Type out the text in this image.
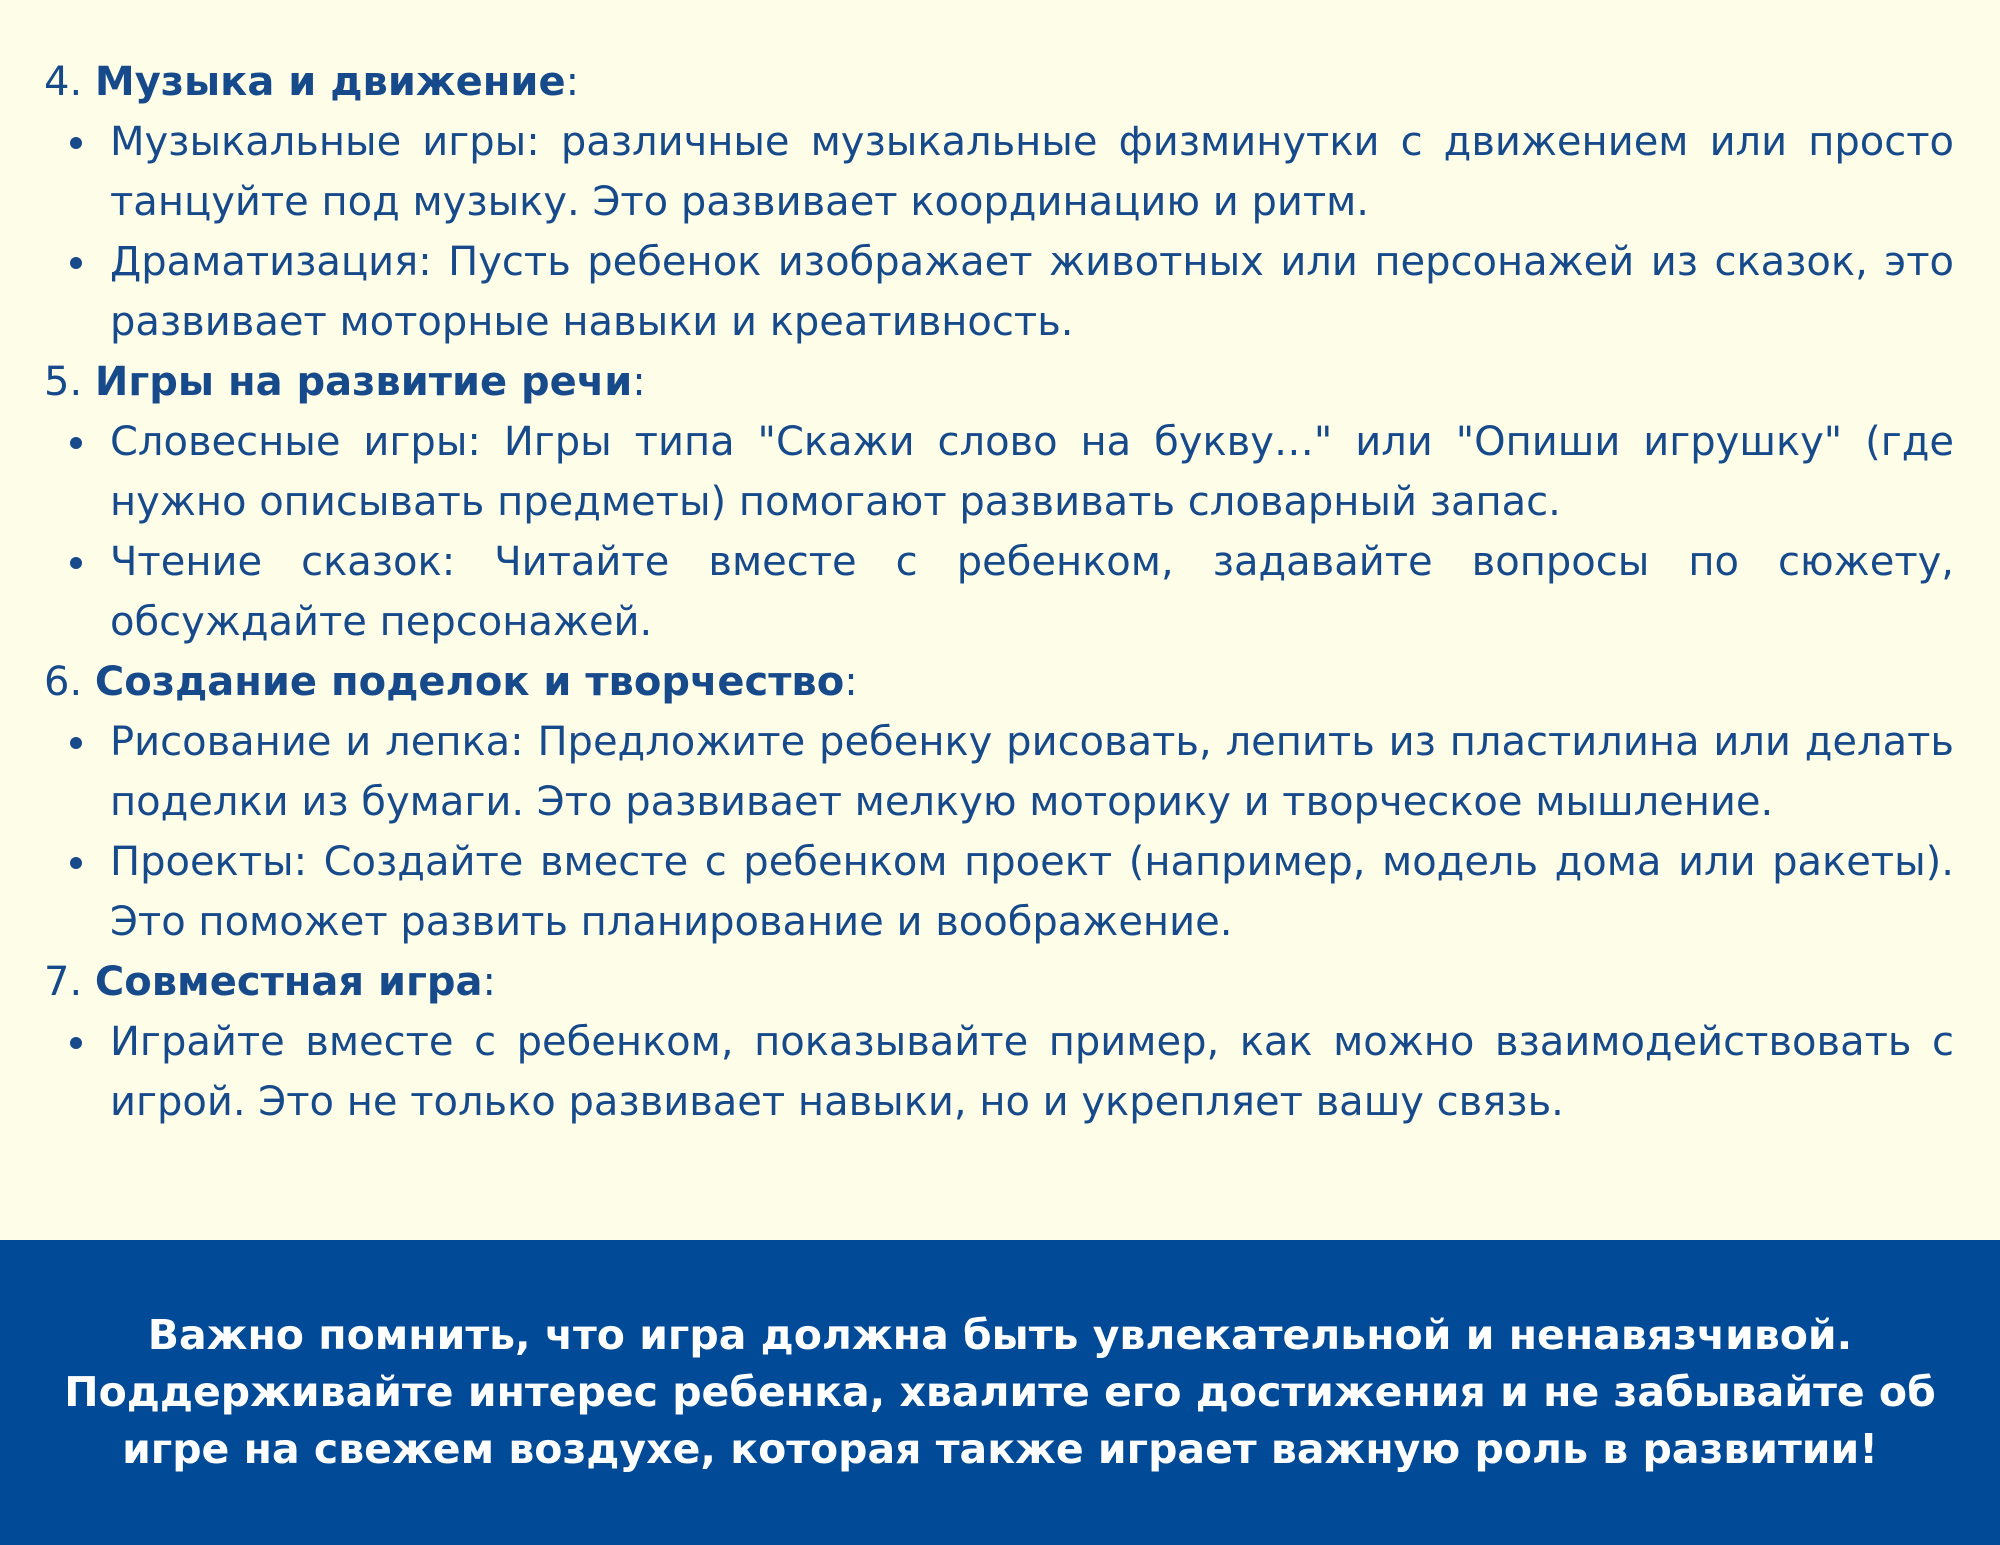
4. Музыка и движение:

Музыкальные игры: различные музыкальные физминутки с движением или просто танцуйте под музыку. Это развивает координацию и ритм.
Драматизация: Пусть ребенок изображает животных или персонажей из сказок, это развивает моторные навыки и креативность.

5. Игры на развитие речи:

Словесные игры: Игры типа "Скажи слово на букву…" или "Опиши игрушку" (где нужно описывать предметы) помогают развивать словарный запас.
Чтение сказок: Читайте вместе с ребенком, задавайте вопросы по сюжету, обсуждайте персонажей.

6. Создание поделок и творчество:

Рисование и лепка: Предложите ребенку рисовать, лепить из пластилина или делать поделки из бумаги. Это развивает мелкую моторику и творческое мышление.
Проекты: Создайте вместе с ребенком проект (например, модель дома или ракеты). Это поможет развить планирование и воображение.

7. Совместная игра:

Играйте вместе с ребенком, показывайте пример, как можно взаимодействовать с игрой. Это не только развивает навыки, но и укрепляет вашу связь.

Важно помнить, что игра должна быть увлекательной и ненавязчивой. Поддерживайте интерес ребенка, хвалите его достижения и не забывайте об игре на свежем воздухе, которая также играет важную роль в развитии!
